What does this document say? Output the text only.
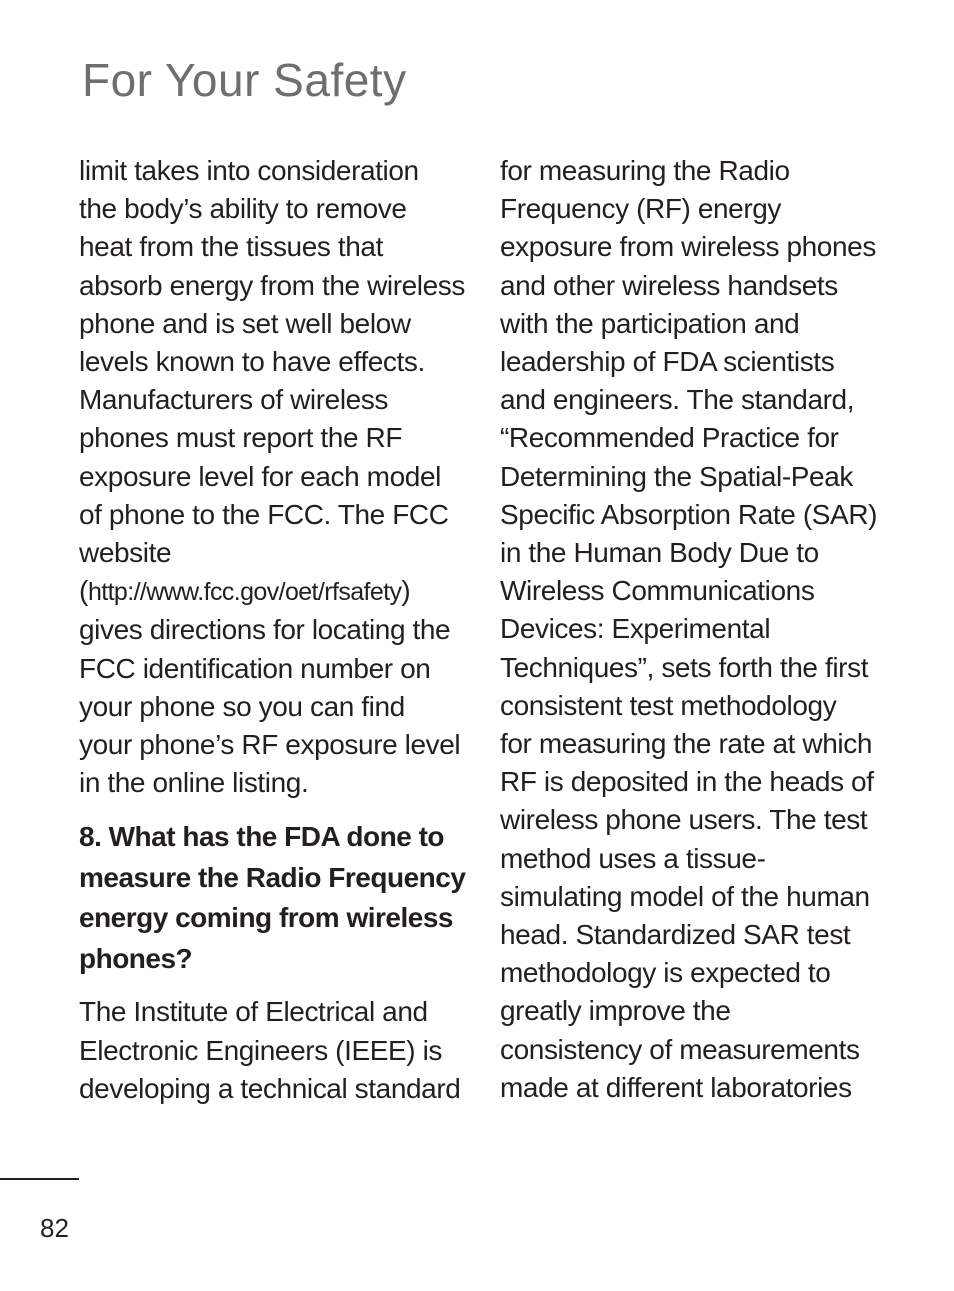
For Your Safety
limit takes into consideration
the body’s ability to remove
heat from the tissues that
absorb energy from the wireless
phone and is set well below
levels known to have effects.
Manufacturers of wireless
phones must report the RF
exposure level for each model
of phone to the FCC. The FCC
website
(http://www.fcc.gov/oet/rfsafety)
gives directions for locating the
FCC identification number on
your phone so you can find
your phone’s RF exposure level
in the online listing.
8. What has the FDA done to
measure the Radio Frequency
energy coming from wireless
phones?
The Institute of Electrical and
Electronic Engineers (IEEE) is
developing a technical standard
for measuring the Radio
Frequency (RF) energy
exposure from wireless phones
and other wireless handsets
with the participation and
leadership of FDA scientists
and engineers. The standard,
“Recommended Practice for
Determining the Spatial-Peak
Specific Absorption Rate (SAR)
in the Human Body Due to
Wireless Communications
Devices: Experimental
Techniques”, sets forth the first
consistent test methodology
for measuring the rate at which
RF is deposited in the heads of
wireless phone users. The test
method uses a tissue-
simulating model of the human
head. Standardized SAR test
methodology is expected to
greatly improve the
consistency of measurements
made at different laboratories
82
